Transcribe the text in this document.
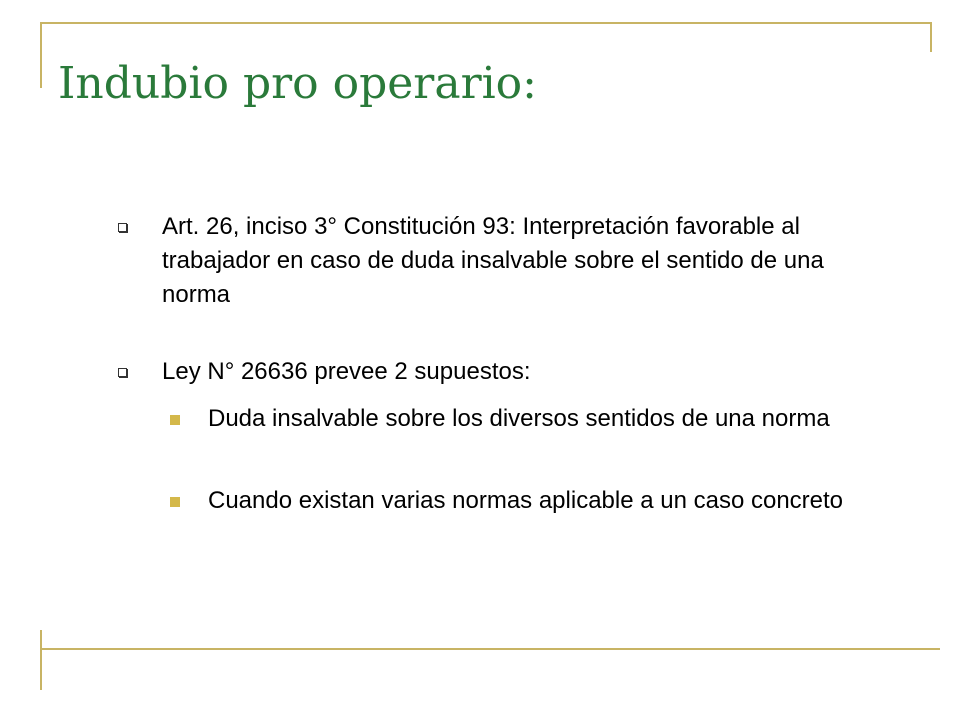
Indubio pro operario:
Art. 26, inciso 3° Constitución 93: Interpretación favorable al trabajador en caso de duda insalvable sobre el sentido de una norma
Ley N° 26636 prevee 2 supuestos:
Duda insalvable sobre los diversos sentidos de una norma
Cuando existan varias normas aplicable a un caso concreto
